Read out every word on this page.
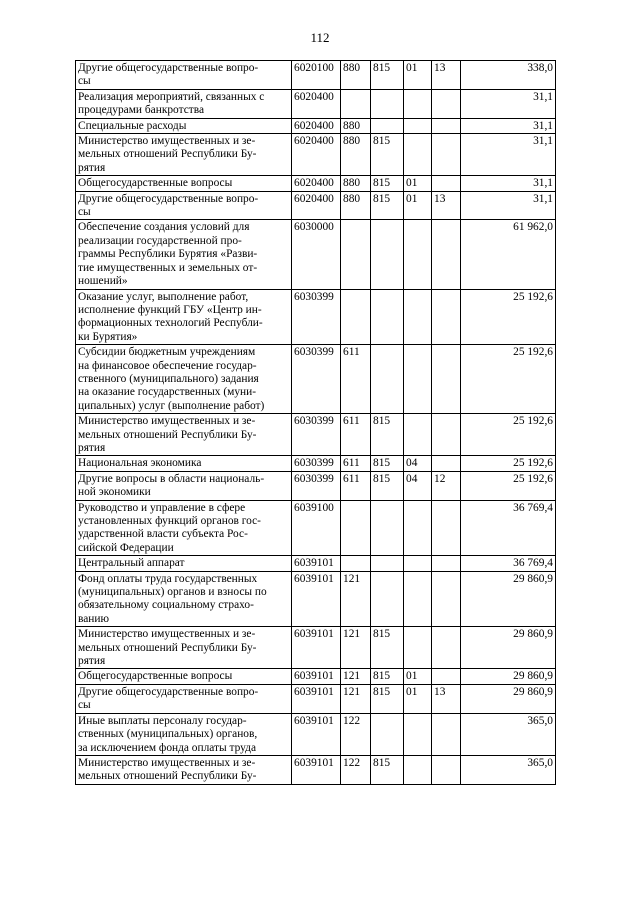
112
Другие общегосударственные вопро-
сы	6020100	880	815	01	13	338,0
Реализация мероприятий, связанных с
процедурами банкротства	6020400					31,1
Специальные расходы	6020400	880				31,1
Министерство имущественных и зе-
мельных отношений Республики Бу-
рятия	6020400	880	815			31,1
Общегосударственные вопросы	6020400	880	815	01		31,1
Другие общегосударственные вопро-
сы	6020400	880	815	01	13	31,1
Обеспечение создания условий для
реализации государственной про-
граммы Республики Бурятия «Разви-
тие имущественных и земельных от-
ношений»	6030000					61 962,0
Оказание услуг, выполнение работ,
исполнение функций ГБУ «Центр ин-
формационных технологий Республи-
ки Бурятия»	6030399					25 192,6
Субсидии бюджетным учреждениям
на финансовое обеспечение государ-
ственного (муниципального) задания
на оказание государственных (муни-
ципальных) услуг (выполнение работ)	6030399	611				25 192,6
Министерство имущественных и зе-
мельных отношений Республики Бу-
рятия	6030399	611	815			25 192,6
Национальная экономика	6030399	611	815	04		25 192,6
Другие вопросы в области националь-
ной экономики	6030399	611	815	04	12	25 192,6
Руководство и управление в сфере
установленных функций органов гос-
ударственной власти субъекта Рос-
сийской Федерации	6039100					36 769,4
Центральный аппарат	6039101					36 769,4
Фонд оплаты труда государственных
(муниципальных) органов и взносы по
обязательному социальному страхо-
ванию	6039101	121				29 860,9
Министерство имущественных и зе-
мельных отношений Республики Бу-
рятия	6039101	121	815			29 860,9
Общегосударственные вопросы	6039101	121	815	01		29 860,9
Другие общегосударственные вопро-
сы	6039101	121	815	01	13	29 860,9
Иные выплаты персоналу государ-
ственных (муниципальных) органов,
за исключением фонда оплаты труда	6039101	122				365,0
Министерство имущественных и зе-
мельных отношений Республики Бу-	6039101	122	815			365,0
